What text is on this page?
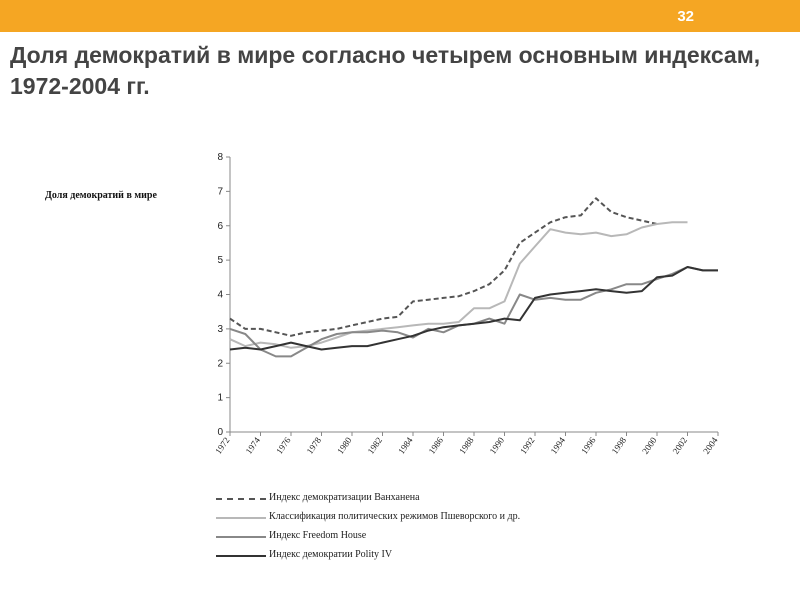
32
Доля демократий в мире согласно четырем основным индексам, 1972-2004 гг.
0
1
2
3
4
5
6
7
8
1972 1974 1976 1978 1980 1982 1984 1986 1988 1990 1992 1994 1996 1998 2000 2002 2004
Доля демократий в мире
Индекс демократизации Ванханена
Классификация политических режимов Пшеворского и др.
Индекс Freedom House
Индекс демократии Polity IV
